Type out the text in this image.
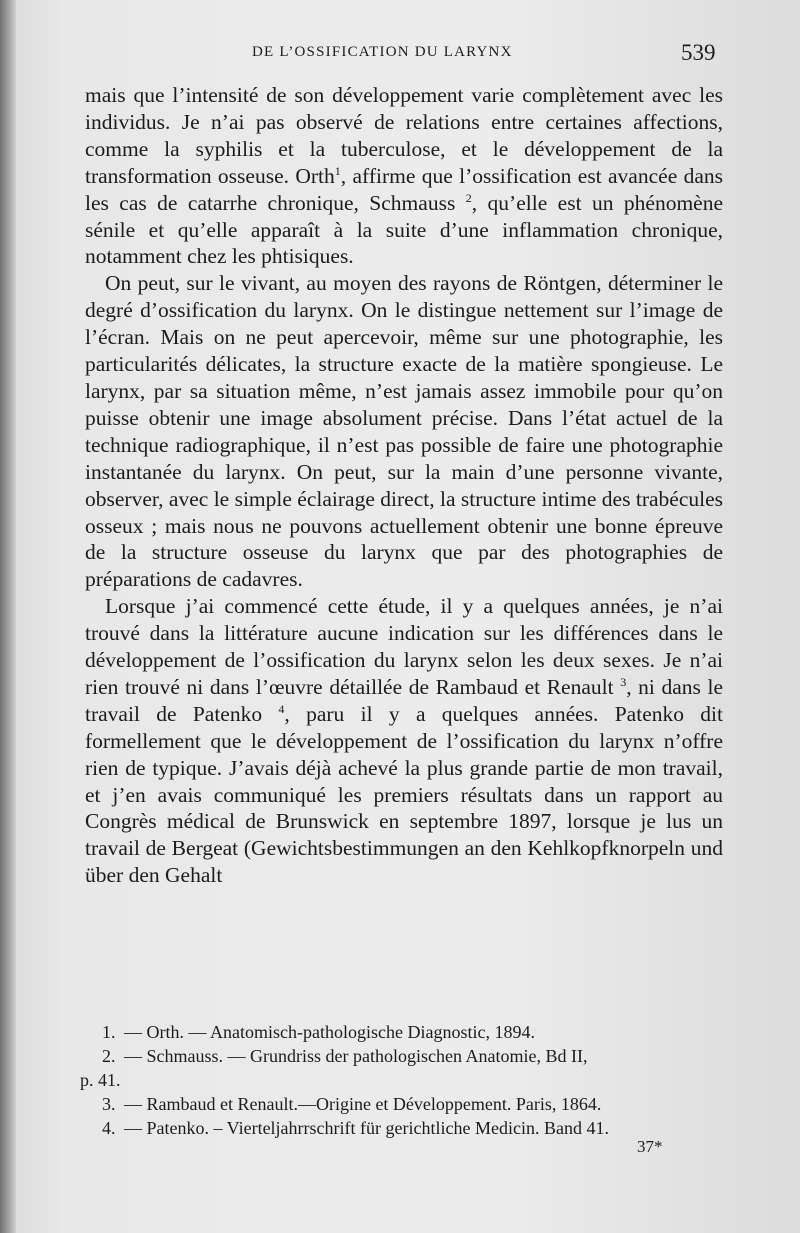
DE L’OSSIFICATION DU LARYNX	539

mais que l’intensité de son développement varie complètement avec les individus. Je n’ai pas observé de relations entre certaines affections, comme la syphilis et la tuberculose, et le développement de la transformation osseuse. Orth$^1$, affirme que l’ossification est avancée dans les cas de catarrhe chronique, Schmauss $^2$, qu’elle est un phénomène sénile et qu’elle apparaît à la suite d’une inflammation chronique, notamment chez les phtisiques.

On peut, sur le vivant, au moyen des rayons de Röntgen, déterminer le degré d’ossification du larynx. On le distingue nettement sur l’image de l’écran. Mais on ne peut apercevoir, même sur une photographie, les particularités délicates, la structure exacte de la matière spongieuse. Le larynx, par sa situation même, n’est jamais assez immobile pour qu’on puisse obtenir une image absolument précise. Dans l’état actuel de la technique radiographique, il n’est pas possible de faire une photographie instantanée du larynx. On peut, sur la main d’une personne vivante, observer, avec le simple éclairage direct, la structure intime des trabécules osseux ; mais nous ne pouvons actuellement obtenir une bonne épreuve de la structure osseuse du larynx que par des photographies de préparations de cadavres.

Lorsque j’ai commencé cette étude, il y a quelques années, je n’ai trouvé dans la littérature aucune indication sur les différences dans le développement de l’ossification du larynx selon les deux sexes. Je n’ai rien trouvé ni dans l’œuvre détaillée de Rambaud et Renault $^3$, ni dans le travail de Patenko $^4$, paru il y a quelques années. Patenko dit formellement que le développement de l’ossification du larynx n’offre rien de typique. J’avais déjà achevé la plus grande partie de mon travail, et j’en avais communiqué les premiers résultats dans un rapport au Congrès médical de Brunswick en septembre 1897, lorsque je lus un travail de Bergeat (Gewichtsbestimmungen an den Kehlkopfknorpeln und über den Gehalt

1. — Orth. — Anatomisch-pathologische Diagnostic, 1894.

2. — Schmauss. — Grundriss der pathologischen Anatomie, Bd II,

p. 41.

3. — Rambaud et Renault.—Origine et Développement. Paris, 1864.

4. — Patenko. – Vierteljahrrschrift für gerichtliche Medicin. Band 41.

37*
